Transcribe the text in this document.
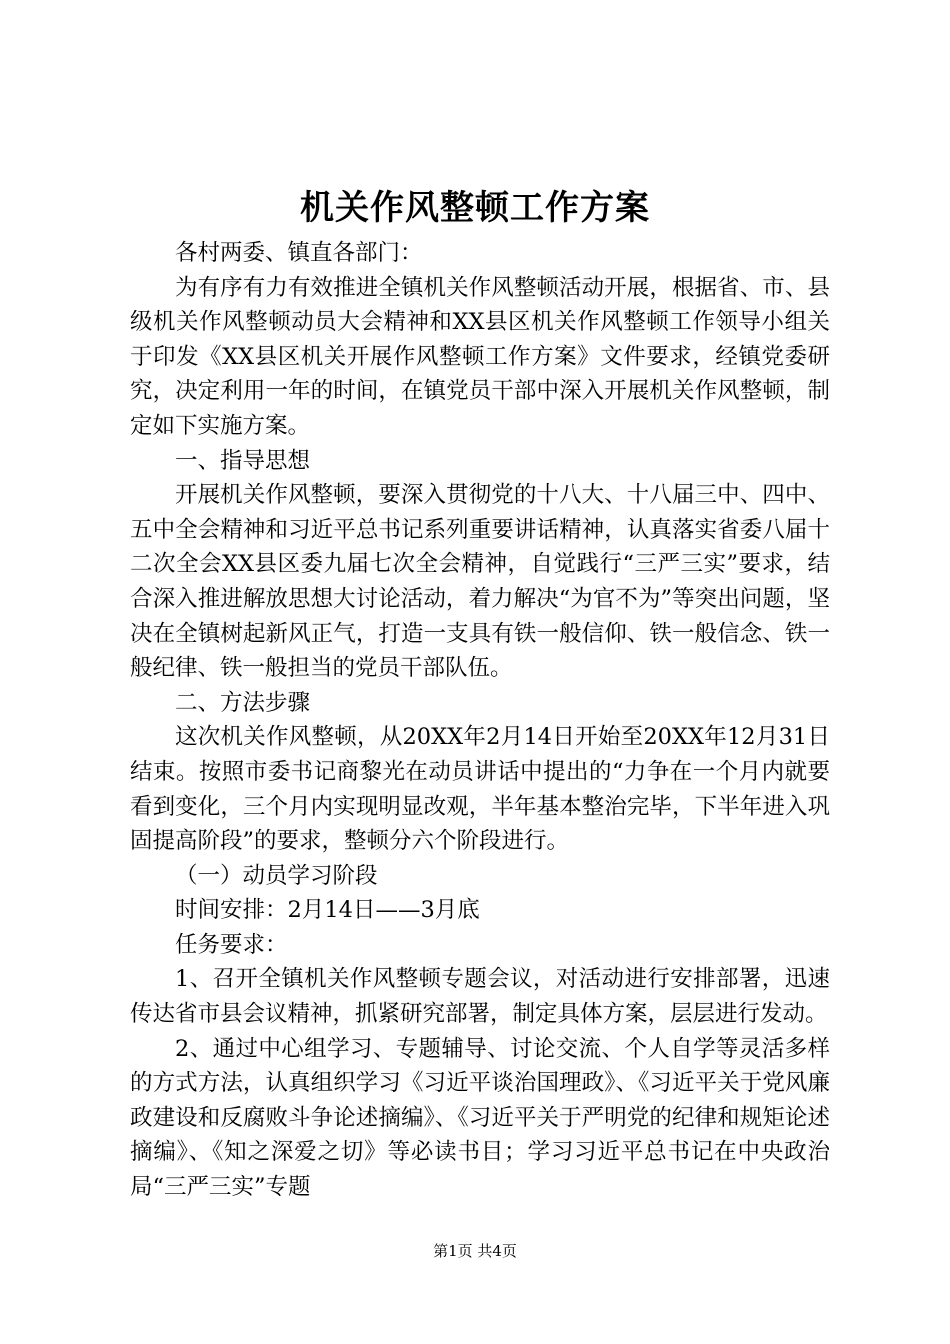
机关作风整顿工作方案

各村两委、镇直各部门：

为有序有力有效推进全镇机关作风整顿活动开展，根据省、市、县级机关作风整顿动员大会精神和XX县区机关作风整顿工作领导小组关于印发《XX县区机关开展作风整顿工作方案》文件要求，经镇党委研究，决定利用一年的时间，在镇党员干部中深入开展机关作风整顿，制定如下实施方案。

一、指导思想

开展机关作风整顿，要深入贯彻党的十八大、十八届三中、四中、五中全会精神和习近平总书记系列重要讲话精神，认真落实省委八届十二次全会XX县区委九届七次全会精神，自觉践行“三严三实”要求，结合深入推进解放思想大讨论活动，着力解决“为官不为”等突出问题，坚决在全镇树起新风正气，打造一支具有铁一般信仰、铁一般信念、铁一般纪律、铁一般担当的党员干部队伍。

二、方法步骤

这次机关作风整顿，从20XX年2月14日开始至20XX年12月31日结束。按照市委书记商黎光在动员讲话中提出的“力争在一个月内就要看到变化，三个月内实现明显改观，半年基本整治完毕，下半年进入巩固提高阶段”的要求，整顿分六个阶段进行。

（一）动员学习阶段

时间安排：2月14日——3月底

任务要求：

1、召开全镇机关作风整顿专题会议，对活动进行安排部署，迅速传达省市县会议精神，抓紧研究部署，制定具体方案，层层进行发动。

2、通过中心组学习、专题辅导、讨论交流、个人自学等灵活多样的方式方法，认真组织学习《习近平谈治国理政》、《习近平关于党风廉政建设和反腐败斗争论述摘编》、《习近平关于严明党的纪律和规矩论述摘编》、《知之深爱之切》等必读书目；学习习近平总书记在中央政治局“三严三实”专题

第1页 共4页
